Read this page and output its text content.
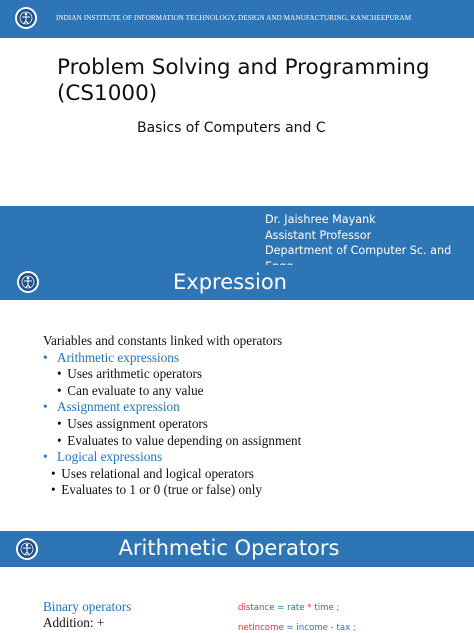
INDIAN INSTITUTE OF INFORMATION TECHNOLOGY, DESIGN AND MANUFACTURING, KANCHEEPURAM
Problem Solving and Programming
(CS1000)
Basics of Computers and C
Dr. Jaishree Mayank
Assistant Professor
Department of Computer Sc. and
Expression
Variables and constants linked with operators
• Arithmetic expressions
• Uses arithmetic operators
• Can evaluate to any value
• Assignment expression
• Uses assignment operators
• Evaluates to value depending on assignment
• Logical expressions
• Uses relational and logical operators
• Evaluates to 1 or 0 (true or false) only
Arithmetic Operators
Binary operators
Addition: +
distance = rate * time ;
netIncome = income - tax ;
